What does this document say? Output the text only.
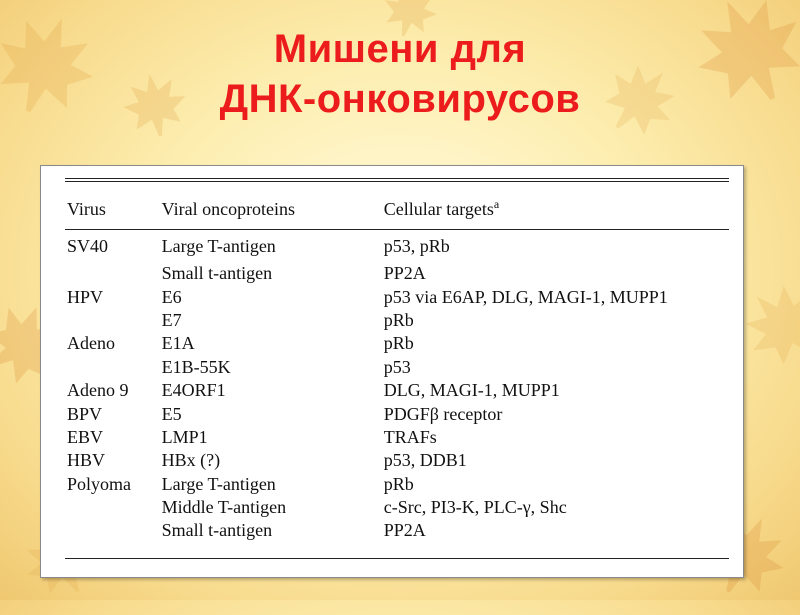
Мишени для
ДНК-онковирусов
Virus	Viral oncoproteins	Cellular targets$^a$
SV40	Large T-antigen	p53, pRb
	Small t-antigen	PP2A
HPV	E6	p53 via E6AP, DLG, MAGI-1, MUPP1
	E7	pRb
Adeno	E1A	pRb
	E1B-55K	p53
Adeno 9	E4ORF1	DLG, MAGI-1, MUPP1
BPV	E5	PDGFβ receptor
EBV	LMP1	TRAFs
HBV	HBx (?)	p53, DDB1
Polyoma	Large T-antigen	pRb
	Middle T-antigen	c-Src, PI3-K, PLC-γ, Shc
	Small t-antigen	PP2A
